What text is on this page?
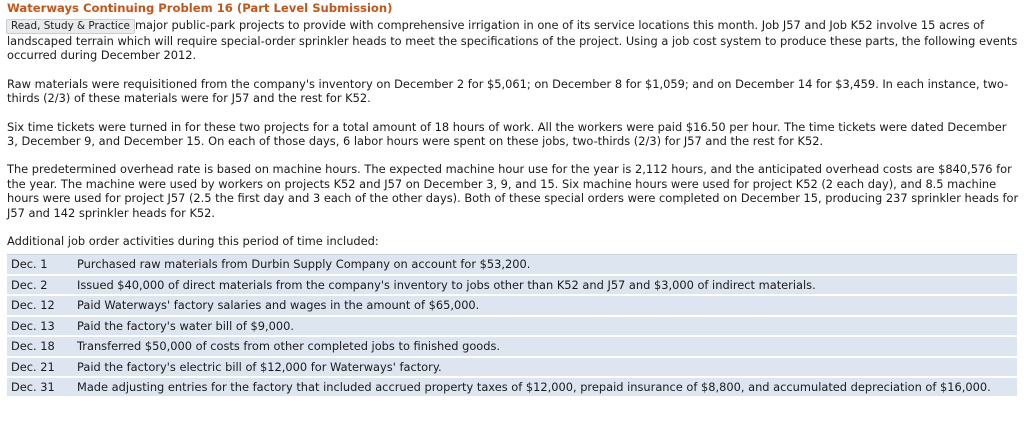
Waterways Continuing Problem 16 (Part Level Submission)
Read, Study & Practice major public-park projects to provide with comprehensive irrigation in one of its service locations this month. Job J57 and Job K52 involve 15 acres of landscaped terrain which will require special-order sprinkler heads to meet the specifications of the project. Using a job cost system to produce these parts, the following events occurred during December 2012.
Raw materials were requisitioned from the company's inventory on December 2 for $5,061; on December 8 for $1,059; and on December 14 for $3,459. In each instance, two-thirds (2/3) of these materials were for J57 and the rest for K52.
Six time tickets were turned in for these two projects for a total amount of 18 hours of work. All the workers were paid $16.50 per hour. The time tickets were dated December 3, December 9, and December 15. On each of those days, 6 labor hours were spent on these jobs, two-thirds (2/3) for J57 and the rest for K52.
The predetermined overhead rate is based on machine hours. The expected machine hour use for the year is 2,112 hours, and the anticipated overhead costs are $840,576 for the year. The machine were used by workers on projects K52 and J57 on December 3, 9, and 15. Six machine hours were used for project K52 (2 each day), and 8.5 machine hours were used for project J57 (2.5 the first day and 3 each of the other days). Both of these special orders were completed on December 15, producing 237 sprinkler heads for J57 and 142 sprinkler heads for K52.
Additional job order activities during this period of time included:
Dec. 1	Purchased raw materials from Durbin Supply Company on account for $53,200.
Dec. 2	Issued $40,000 of direct materials from the company's inventory to jobs other than K52 and J57 and $3,000 of indirect materials.
Dec. 12	Paid Waterways' factory salaries and wages in the amount of $65,000.
Dec. 13	Paid the factory's water bill of $9,000.
Dec. 18	Transferred $50,000 of costs from other completed jobs to finished goods.
Dec. 21	Paid the factory's electric bill of $12,000 for Waterways' factory.
Dec. 31	Made adjusting entries for the factory that included accrued property taxes of $12,000, prepaid insurance of $8,800, and accumulated depreciation of $16,000.
